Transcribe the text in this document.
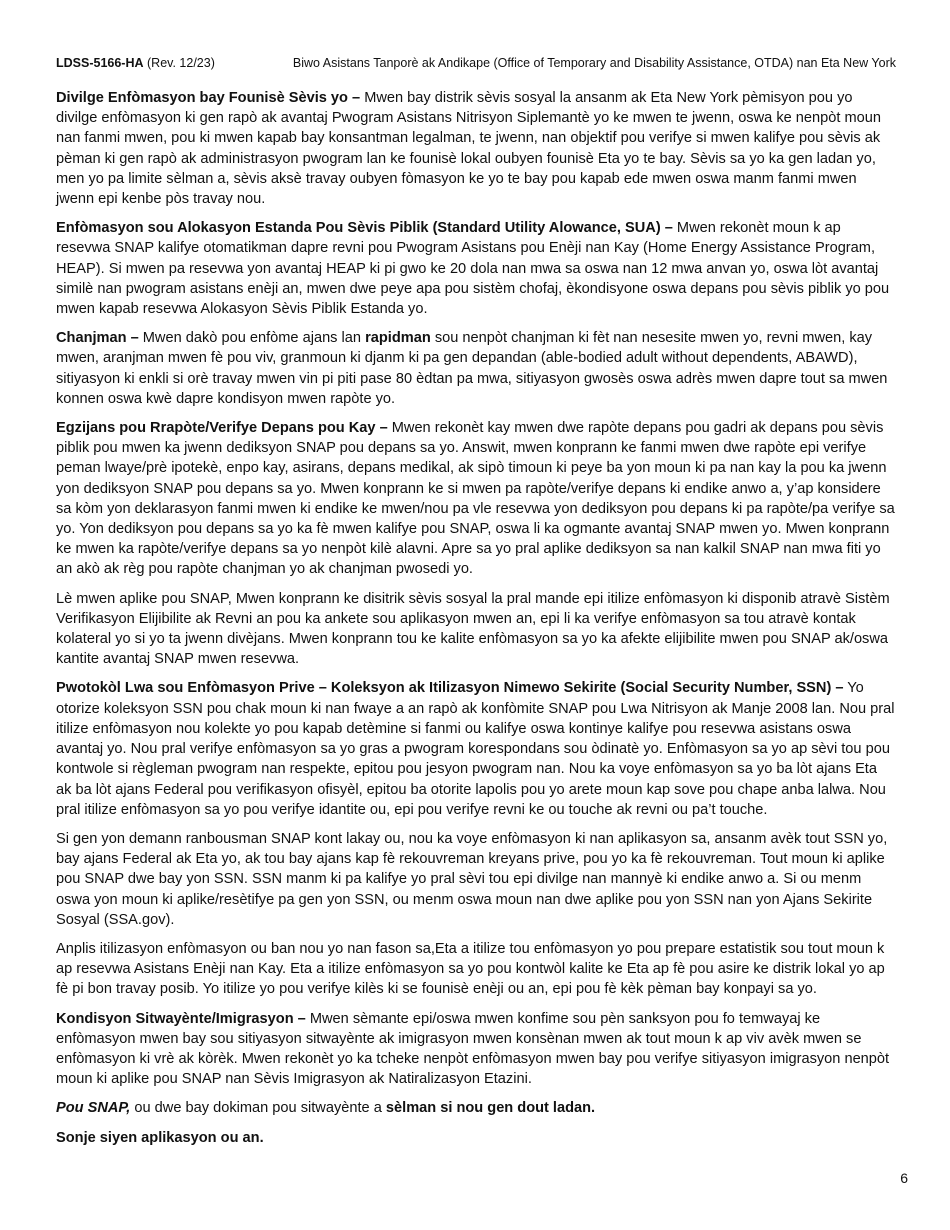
LDSS-5166-HA (Rev. 12/23)	Biwo Asistans Tanporè ak Andikape (Office of Temporary and Disability Assistance, OTDA) nan Eta New York

Divilge Enfòmasyon bay Founisè Sèvis yo – Mwen bay distrik sèvis sosyal la ansanm ak Eta New York pèmisyon pou yo divilge enfòmasyon ki gen rapò ak avantaj Pwogram Asistans Nitrisyon Siplemantè yo ke mwen te jwenn, oswa ke nenpòt moun nan fanmi mwen, pou ki mwen kapab bay konsantman legalman, te jwenn, nan objektif pou verifye si mwen kalifye pou sèvis ak pèman ki gen rapò ak administrasyon pwogram lan ke founisè lokal oubyen founisè Eta yo te bay. Sèvis sa yo ka gen ladan yo, men yo pa limite sèlman a, sèvis aksè travay oubyen fòmasyon ke yo te bay pou kapab ede mwen oswa manm fanmi mwen jwenn epi kenbe pòs travay nou.

Enfòmasyon sou Alokasyon Estanda Pou Sèvis Piblik (Standard Utility Alowance, SUA) – Mwen rekonèt moun k ap resevwa SNAP kalifye otomatikman dapre revni pou Pwogram Asistans pou Enèji nan Kay (Home Energy Assistance Program, HEAP). Si mwen pa resevwa yon avantaj HEAP ki pi gwo ke 20 dola nan mwa sa oswa nan 12 mwa anvan yo, oswa lòt avantaj similè nan pwogram asistans enèji an, mwen dwe peye apa pou sistèm chofaj, èkondisyone oswa depans pou sèvis piblik yo pou mwen kapab resevwa Alokasyon Sèvis Piblik Estanda yo.

Chanjman – Mwen dakò pou enfòme ajans lan rapidman sou nenpòt chanjman ki fèt nan nesesite mwen yo, revni mwen, kay mwen, aranjman mwen fè pou viv, granmoun ki djanm ki pa gen depandan (able-bodied adult without dependents, ABAWD), sitiyasyon ki enkli si orè travay mwen vin pi piti pase 80 èdtan pa mwa, sitiyasyon gwosès oswa adrès mwen dapre tout sa mwen konnen oswa kwè dapre kondisyon mwen rapòte yo.

Egzijans pou Rrapòte/Verifye Depans pou Kay – Mwen rekonèt kay mwen dwe rapòte depans pou gadri ak depans pou sèvis piblik pou mwen ka jwenn dediksyon SNAP pou depans sa yo. Answit, mwen konprann ke fanmi mwen dwe rapòte epi verifye peman lwaye/prè ipotekè, enpo kay, asirans, depans medikal, ak sipò timoun ki peye ba yon moun ki pa nan kay la pou ka jwenn yon dediksyon SNAP pou depans sa yo. Mwen konprann ke si mwen pa rapòte/verifye depans ki endike anwo a, y’ap konsidere sa kòm yon deklarasyon fanmi mwen ki endike ke mwen/nou pa vle resevwa yon dediksyon pou depans ki pa rapòte/pa verifye sa yo. Yon dediksyon pou depans sa yo ka fè mwen kalifye pou SNAP, oswa li ka ogmante avantaj SNAP mwen yo. Mwen konprann ke mwen ka rapòte/verifye depans sa yo nenpòt kilè alavni. Apre sa yo pral aplike dediksyon sa nan kalkil SNAP nan mwa fiti yo an akò ak règ pou rapòte chanjman yo ak chanjman pwosedi yo.

Lè mwen aplike pou SNAP, Mwen konprann ke disitrik sèvis sosyal la pral mande epi itilize enfòmasyon ki disponib atravè Sistèm Verifikasyon Elijibilite ak Revni an pou ka ankete sou aplikasyon mwen an, epi li ka verifye enfòmasyon sa tou atravè kontak kolateral yo si yo ta jwenn divèjans. Mwen konprann tou ke kalite enfòmasyon sa yo ka afekte elijibilite mwen pou SNAP ak/oswa kantite avantaj SNAP mwen resevwa.

Pwotokòl Lwa sou Enfòmasyon Prive – Koleksyon ak Itilizasyon Nimewo Sekirite (Social Security Number, SSN) – Yo otorize koleksyon SSN pou chak moun ki nan fwaye a an rapò ak konfòmite SNAP pou Lwa Nitrisyon ak Manje 2008 lan. Nou pral itilize enfòmasyon nou kolekte yo pou kapab detèmine si fanmi ou kalifye oswa kontinye kalifye pou resevwa asistans oswa avantaj yo. Nou pral verifye enfòmasyon sa yo gras a pwogram korespondans sou òdinatè yo. Enfòmasyon sa yo ap sèvi tou pou kontwole si règleman pwogram nan respekte, epitou pou jesyon pwogram nan. Nou ka voye enfòmasyon sa yo ba lòt ajans Eta ak ba lòt ajans Federal pou verifikasyon ofisyèl, epitou ba otorite lapolis pou yo arete moun kap sove pou chape anba lalwa. Nou pral itilize enfòmasyon sa yo pou verifye idantite ou, epi pou verifye revni ke ou touche ak revni ou pa’t touche.

Si gen yon demann ranbousman SNAP kont lakay ou, nou ka voye enfòmasyon ki nan aplikasyon sa, ansanm avèk tout SSN yo, bay ajans Federal ak Eta yo, ak tou bay ajans kap fè rekouvreman kreyans prive, pou yo ka fè rekouvreman. Tout moun ki aplike pou SNAP dwe bay yon SSN. SSN manm ki pa kalifye yo pral sèvi tou epi divilge nan mannyè ki endike anwo a. Si ou menm oswa yon moun ki aplike/resètifye pa gen yon SSN, ou menm oswa moun nan dwe aplike pou yon SSN nan yon Ajans Sekirite Sosyal (SSA.gov).

Anplis itilizasyon enfòmasyon ou ban nou yo nan fason sa,Eta a itilize tou enfòmasyon yo pou prepare estatistik sou tout moun k ap resevwa Asistans Enèji nan Kay. Eta a itilize enfòmasyon sa yo pou kontwòl kalite ke Eta ap fè pou asire ke distrik lokal yo ap fè pi bon travay posib. Yo itilize yo pou verifye kilès ki se founisè enèji ou an, epi pou fè kèk pèman bay konpayi sa yo.

Kondisyon Sitwayènte/Imigrasyon – Mwen sèmante epi/oswa mwen konfime sou pèn sanksyon pou fo temwayaj ke enfòmasyon mwen bay sou sitiyasyon sitwayènte ak imigrasyon mwen konsènan mwen ak tout moun k ap viv avèk mwen se enfòmasyon ki vrè ak kòrèk. Mwen rekonèt yo ka tcheke nenpòt enfòmasyon mwen bay pou verifye sitiyasyon imigrasyon nenpòt moun ki aplike pou SNAP nan Sèvis Imigrasyon ak Natiralizasyon Etazini.

Pou SNAP, ou dwe bay dokiman pou sitwayènte a sèlman si nou gen dout ladan.

Sonje siyen aplikasyon ou an.

6
